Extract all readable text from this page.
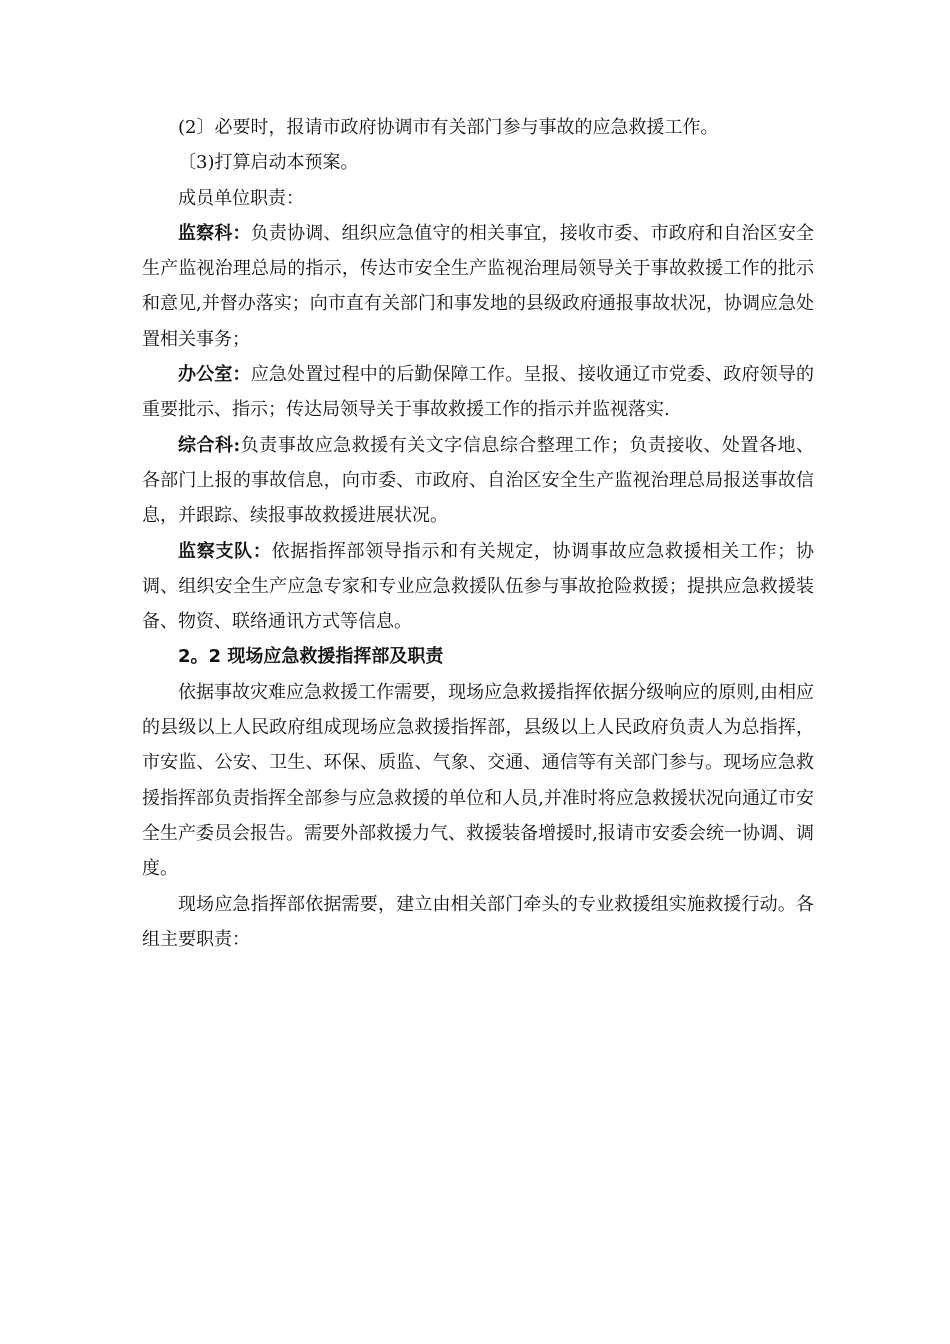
(2〕必要时，报请市政府协调市有关部门参与事故的应急救援工作。

〔3)打算启动本预案。

成员单位职责：

监察科：负责协调、组织应急值守的相关事宜，接收市委、市政府和自治区安全生产监视治理总局的指示，传达市安全生产监视治理局领导关于事故救援工作的批示和意见,并督办落实；向市直有关部门和事发地的县级政府通报事故状况，协调应急处置相关事务；

办公室：应急处置过程中的后勤保障工作。呈报、接收通辽市党委、政府领导的重要批示、指示；传达局领导关于事故救援工作的指示并监视落实.

综合科:负责事故应急救援有关文字信息综合整理工作；负责接收、处置各地、各部门上报的事故信息，向市委、市政府、自治区安全生产监视治理总局报送事故信息，并跟踪、续报事故救援进展状况。

监察支队：依据指挥部领导指示和有关规定，协调事故应急救援相关工作；协调、组织安全生产应急专家和专业应急救援队伍参与事故抢险救援；提拱应急救援装备、物资、联络通讯方式等信息。

2。2 现场应急救援指挥部及职责

依据事故灾难应急救援工作需要，现场应急救援指挥依据分级响应的原则,由相应的县级以上人民政府组成现场应急救援指挥部，县级以上人民政府负责人为总指挥，市安监、公安、卫生、环保、质监、气象、交通、通信等有关部门参与。现场应急救援指挥部负责指挥全部参与应急救援的单位和人员,并准时将应急救援状况向通辽市安全生产委员会报告。需要外部救援力气、救援装备增援时,报请市安委会统一协调、调度。

现场应急指挥部依据需要，建立由相关部门牵头的专业救援组实施救援行动。各组主要职责：
